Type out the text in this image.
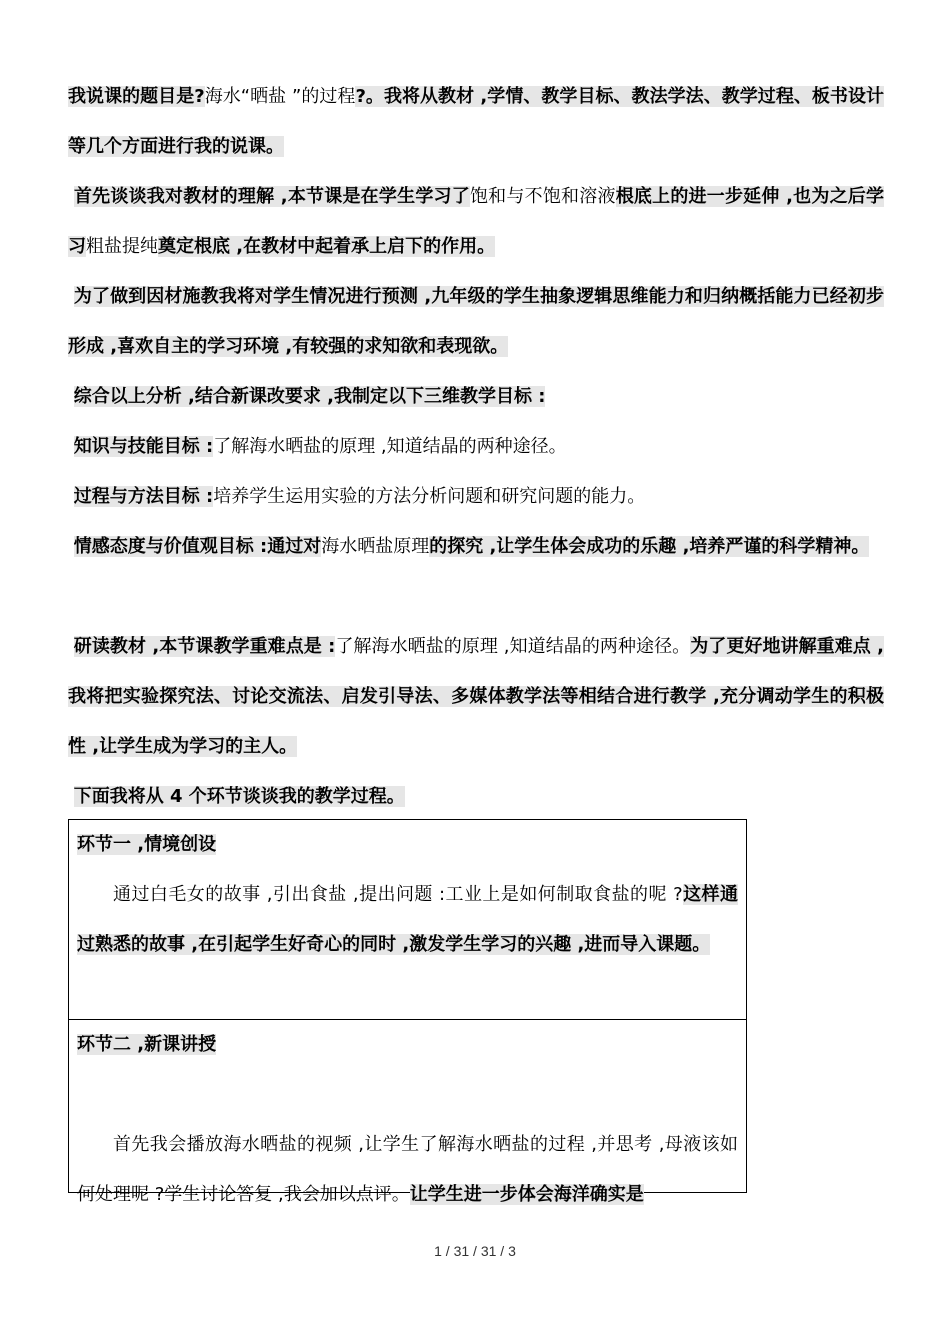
我说课的题目是?海水“晒盐 ”的过程?。我将从教材 ,学情、教学目标、教法学法、教学过程、板书设计等几个方面进行我的说课。

首先谈谈我对教材的理解 ,本节课是在学生学习了饱和与不饱和溶液根底上的进一步延伸 ,也为之后学习粗盐提纯奠定根底 ,在教材中起着承上启下的作用。

为了做到因材施教我将对学生情况进行预测 ,九年级的学生抽象逻辑思维能力和归纳概括能力已经初步形成 ,喜欢自主的学习环境 ,有较强的求知欲和表现欲。

综合以上分析 ,结合新课改要求 ,我制定以下三维教学目标 :

知识与技能目标 :了解海水晒盐的原理 ,知道结晶的两种途径。

过程与方法目标 :培养学生运用实验的方法分析问题和研究问题的能力。

情感态度与价值观目标 :通过对海水晒盐原理的探究 ,让学生体会成功的乐趣 ,培养严谨的科学精神。

研读教材 ,本节课教学重难点是 :了解海水晒盐的原理 ,知道结晶的两种途径。为了更好地讲解重难点 ,我将把实验探究法、讨论交流法、启发引导法、多媒体教学法等相结合进行教学 ,充分调动学生的积极性 ,让学生成为学习的主人。

下面我将从 4 个环节谈谈我的教学过程。

环节一 ,情境创设

通过白毛女的故事 ,引出食盐 ,提出问题 :工业上是如何制取食盐的呢 ?这样通过熟悉的故事 ,在引起学生好奇心的同时 ,激发学生学习的兴趣 ,进而导入课题。

环节二 ,新课讲授

首先我会播放海水晒盐的视频 ,让学生了解海水晒盐的过程 ,并思考 ,母液该如何处理呢 ?学生讨论答复 ,我会加以点评。让学生进一步体会海洋确实是

1 / 31 / 31 / 3
